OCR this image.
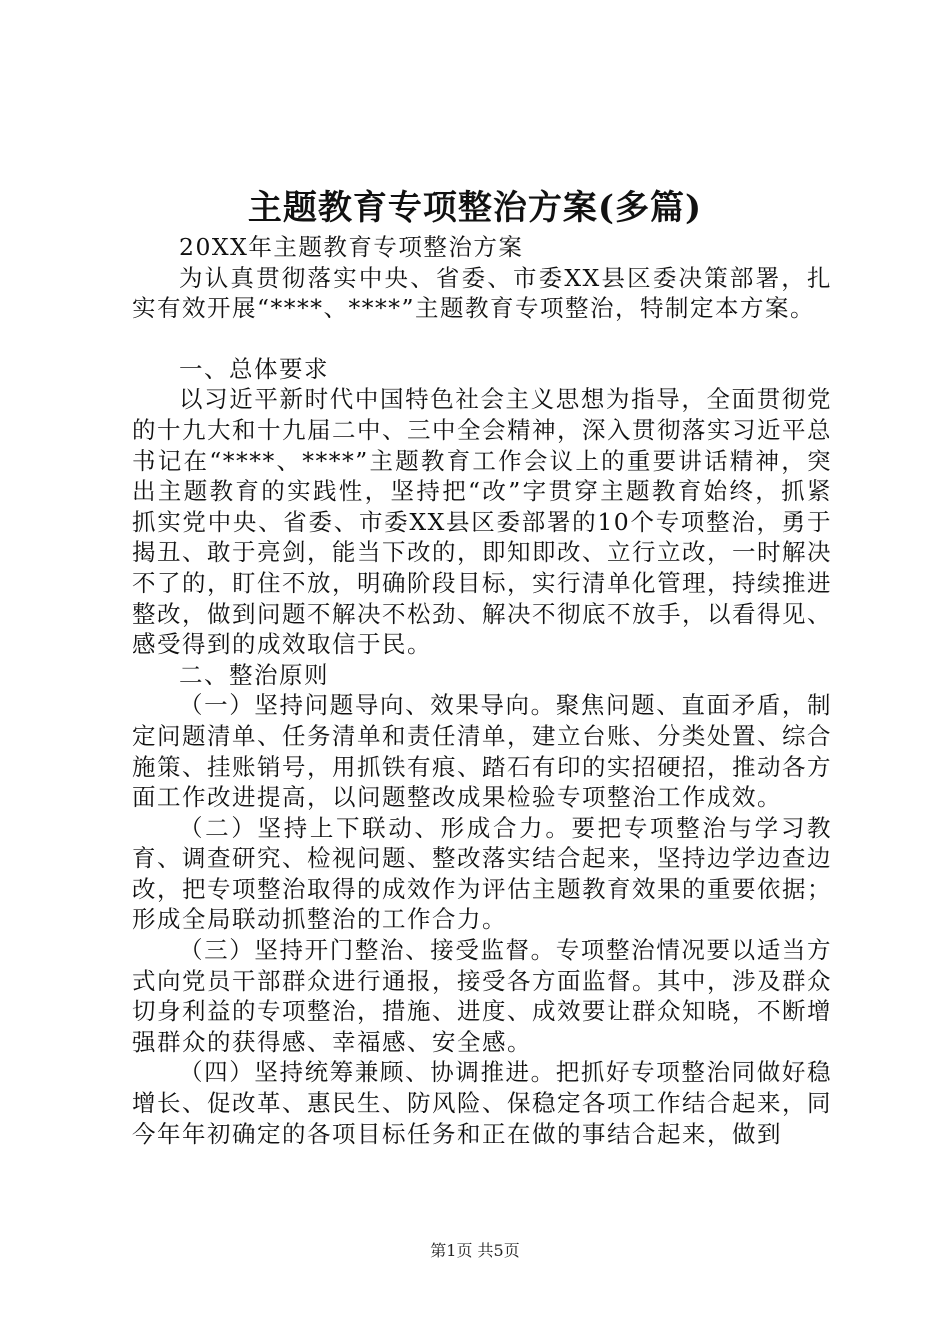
主题教育专项整治方案(多篇)

20XX年主题教育专项整治方案

为认真贯彻落实中央、省委、市委XX县区委决策部署，扎实有效开展“****、****”主题教育专项整治，特制定本方案。

一、总体要求

以习近平新时代中国特色社会主义思想为指导，全面贯彻党的十九大和十九届二中、三中全会精神，深入贯彻落实习近平总书记在“****、****”主题教育工作会议上的重要讲话精神，突出主题教育的实践性，坚持把“改”字贯穿主题教育始终，抓紧抓实党中央、省委、市委XX县区委部署的10个专项整治，勇于揭丑、敢于亮剑，能当下改的，即知即改、立行立改，一时解决不了的，盯住不放，明确阶段目标，实行清单化管理，持续推进整改，做到问题不解决不松劲、解决不彻底不放手，以看得见、感受得到的成效取信于民。

二、整治原则

（一）坚持问题导向、效果导向。聚焦问题、直面矛盾，制定问题清单、任务清单和责任清单，建立台账、分类处置、综合施策、挂账销号，用抓铁有痕、踏石有印的实招硬招，推动各方面工作改进提高，以问题整改成果检验专项整治工作成效。

（二）坚持上下联动、形成合力。要把专项整治与学习教育、调查研究、检视问题、整改落实结合起来，坚持边学边查边改，把专项整治取得的成效作为评估主题教育效果的重要依据；形成全局联动抓整治的工作合力。

（三）坚持开门整治、接受监督。专项整治情况要以适当方式向党员干部群众进行通报，接受各方面监督。其中，涉及群众切身利益的专项整治，措施、进度、成效要让群众知晓，不断增强群众的获得感、幸福感、安全感。

（四）坚持统筹兼顾、协调推进。把抓好专项整治同做好稳增长、促改革、惠民生、防风险、保稳定各项工作结合起来，同今年年初确定的各项目标任务和正在做的事结合起来，做到

第1页 共5页
